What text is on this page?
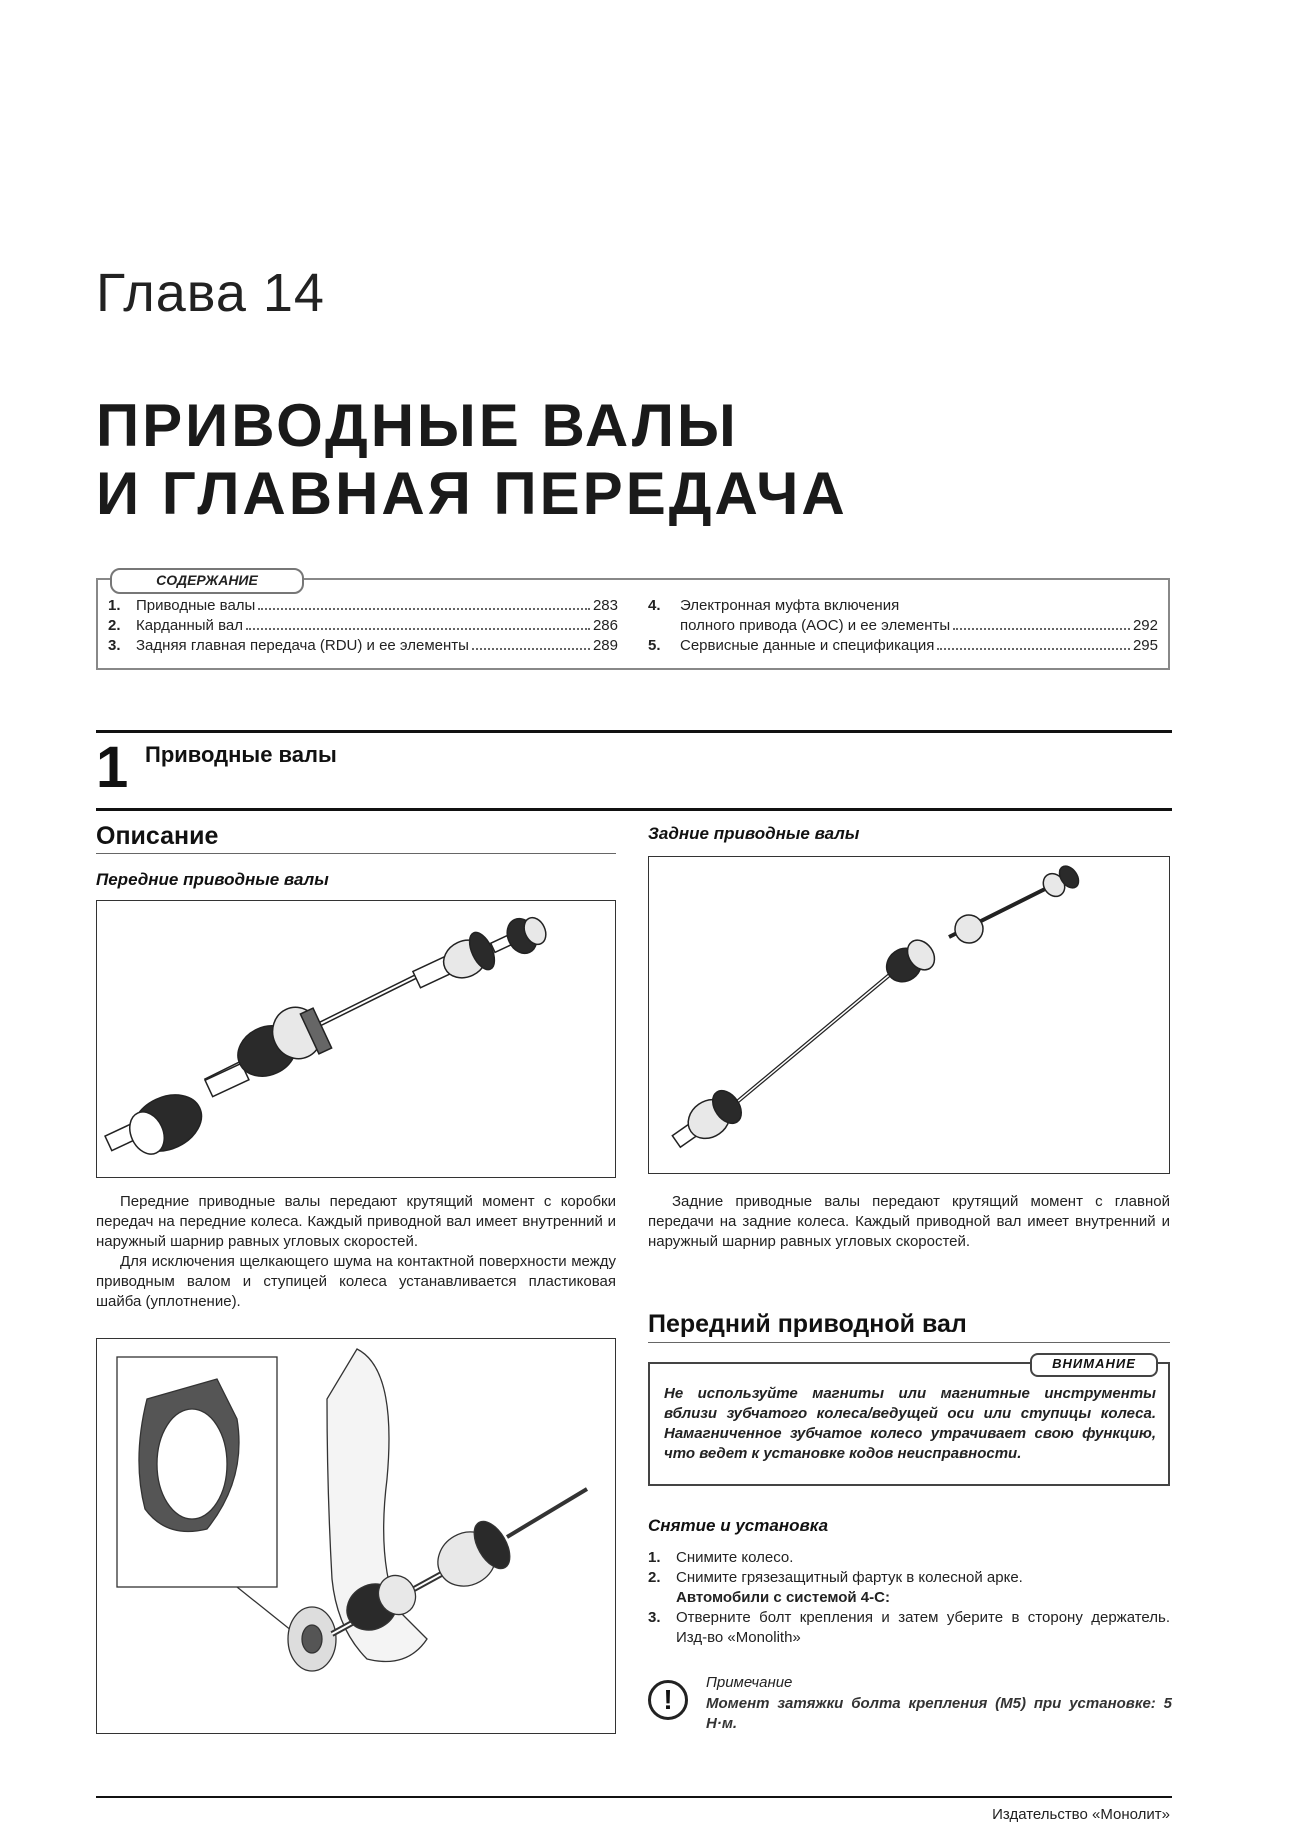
Глава 14
ПРИВОДНЫЕ ВАЛЫ
И ГЛАВНАЯ ПЕРЕДАЧА
СОДЕРЖАНИЕ
1.	Приводные валы	283
2.	Карданный вал	286
3.	Задняя главная передача (RDU) и ее элементы	289
4.	Электронная муфта включения
полного привода (AOC) и ее элементы	292
5.	Сервисные данные и спецификация	295
1 Приводные валы
Описание
Передние приводные валы

Передние приводные валы передают крутящий момент с коробки передач на передние колеса. Каждый приводной вал имеет внутренний и наружный шарнир равных угловых скоростей.

Для исключения щелкающего шума на контактной поверхности между приводным валом и ступицей колеса устанавливается пластиковая шайба (уплотнение).

Задние приводные валы

Задние приводные валы передают крутящий момент с главной передачи на задние колеса. Каждый приводной вал имеет внутренний и наружный шарнир равных угловых скоростей.

Передний приводной вал
ВНИМАНИЕ
Не используйте магниты или магнитные инструменты вблизи зубчатого колеса/ведущей оси или ступицы колеса. Намагниченное зубчатое колесо утрачивает свою функцию, что ведет к установке кодов неисправности.
Снятие и установка
1. Снимите колесо.
2. Снимите грязезащитный фартук в колесной арке.
Автомобили с системой 4-C:
3.	Отверните болт крепления и затем уберите в сторону держатель. Изд-во «Monolith»
!
Примечание
Момент затяжки болта крепления (M5) при установке: 5 Н·м.
Издательство «Монолит»
